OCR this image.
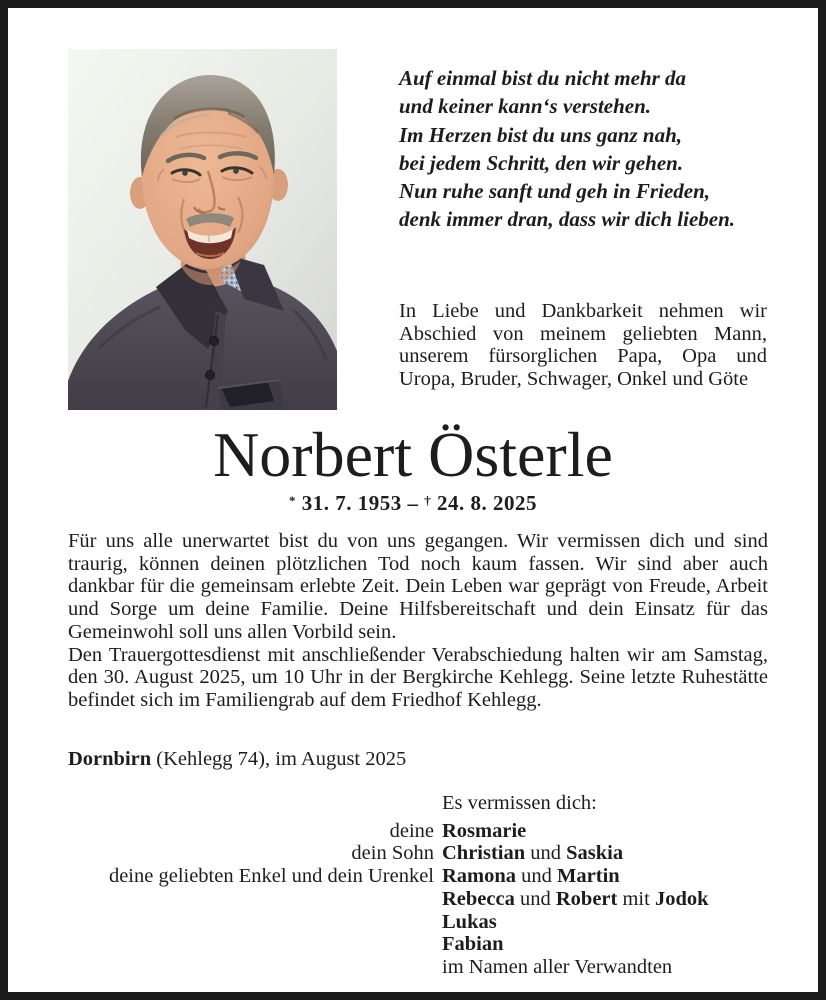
Auf einmal bist du nicht mehr da
und keiner kann‘s verstehen.
Im Herzen bist du uns ganz nah,
bei jedem Schritt, den wir gehen.
Nun ruhe sanft und geh in Frieden,
denk immer dran, dass wir dich lieben.
In Liebe und Dankbarkeit nehmen wir Abschied von meinem geliebten Mann, unserem fürsorglichen Papa, Opa und Uropa, Bruder, Schwager, Onkel und Göte
Norbert Österle
* 31. 7. 1953 – † 24. 8. 2025

Für uns alle unerwartet bist du von uns gegangen. Wir vermissen dich und sind traurig, können deinen plötzlichen Tod noch kaum fassen. Wir sind aber auch dankbar für die gemeinsam erlebte Zeit. Dein Leben war geprägt von Freude, Arbeit und Sorge um deine Familie. Deine Hilfsbereitschaft und dein Einsatz für das Gemeinwohl soll uns allen Vorbild sein.

Den Trauergottesdienst mit anschließender Verabschiedung halten wir am Samstag, den 30. August 2025, um 10 Uhr in der Bergkirche Kehlegg. Seine letzte Ruhestätte befindet sich im Familiengrab auf dem Friedhof Kehlegg.

Dornbirn (Kehlegg 74), im August 2025
Es vermissen dich:
deine Rosmarie
dein Sohn Christian und Saskia
deine geliebten Enkel und dein Urenkel Ramona und Martin
Rebecca und Robert mit Jodok
Lukas
Fabian
im Namen aller Verwandten
